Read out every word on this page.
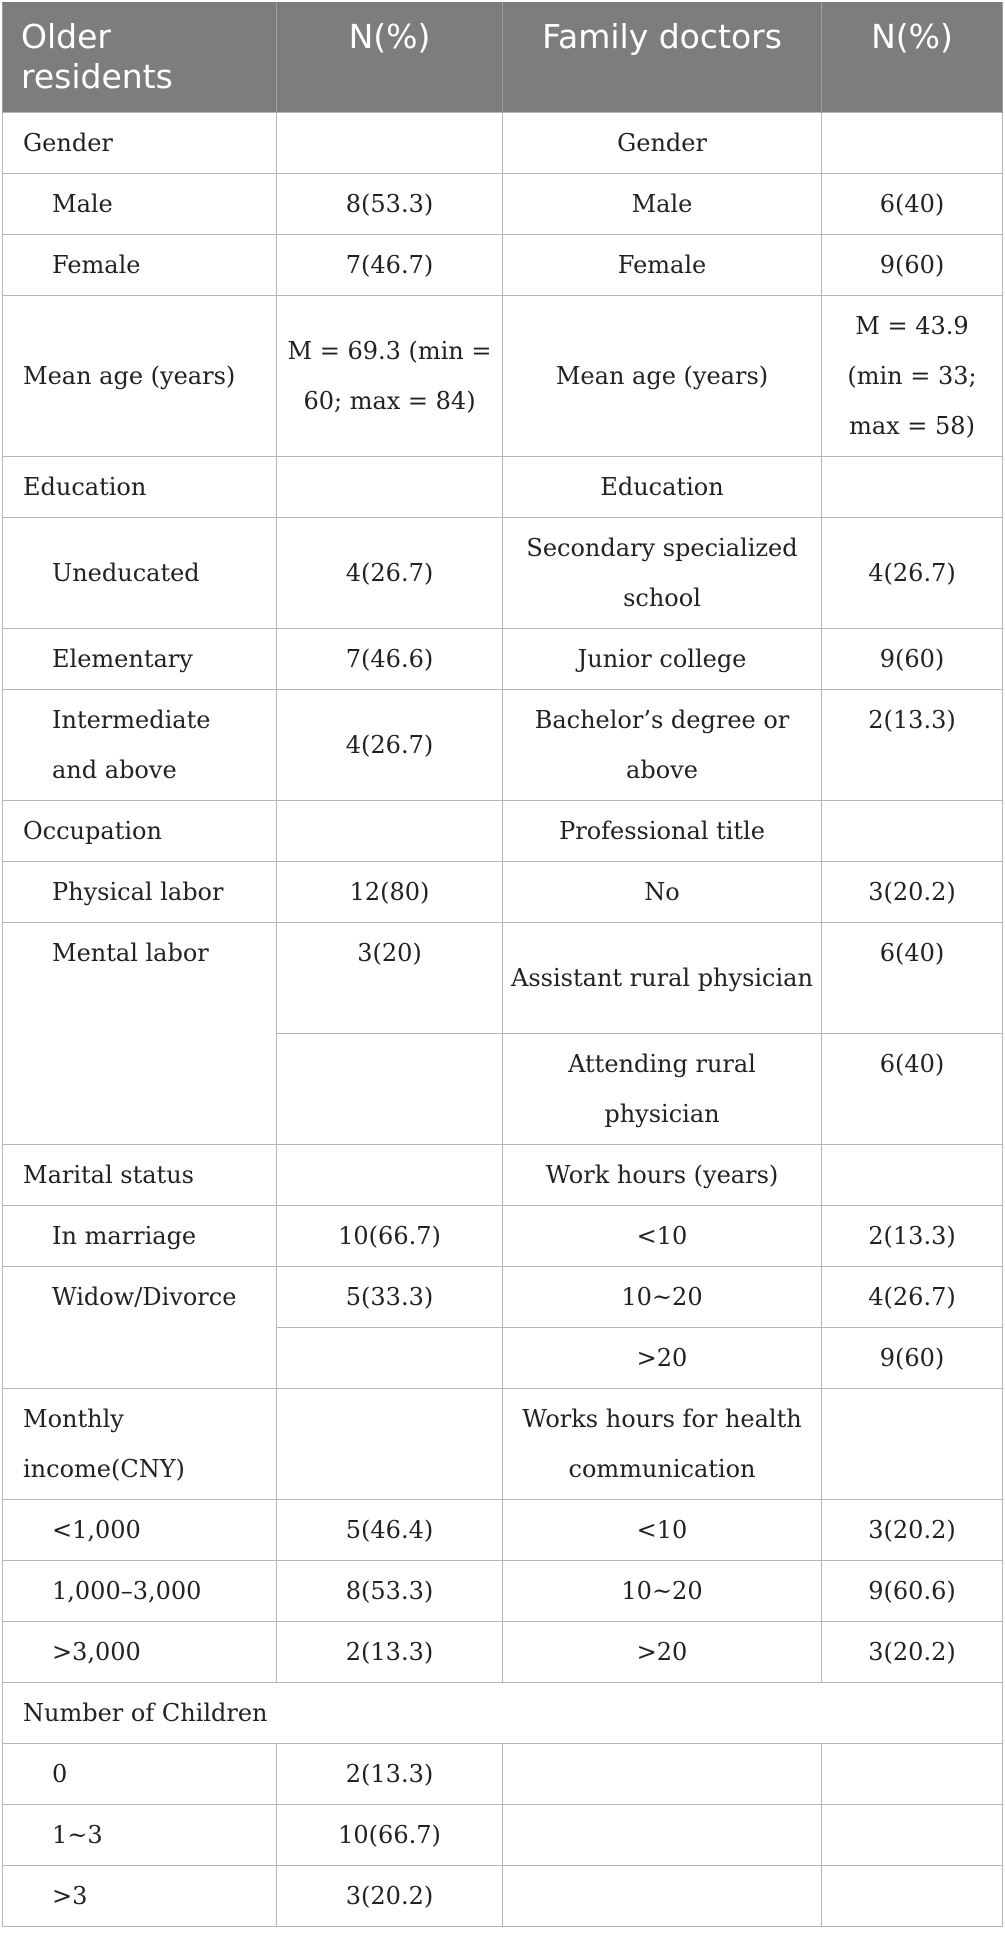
Older residents	N(%)	Family doctors	N(%)
Gender		Gender	
Male	8(53.3)	Male	6(40)
Female	7(46.7)	Female	9(60)
Mean age (years)	M = 69.3 (min = 60; max = 84)	Mean age (years)	M = 43.9 (min = 33; max = 58)
Education		Education	
Uneducated	4(26.7)	Secondary specialized school	4(26.7)
Elementary	7(46.6)	Junior college	9(60)
Intermediate and above	4(26.7)	Bachelor’s degree or above	2(13.3)
Occupation		Professional title	
Physical labor	12(80)	No	3(20.2)
Mental labor	3(20)	Assistant rural physician	6(40)
		Attending rural physician	6(40)
Marital status		Work hours (years)	
In marriage	10(66.7)	<10	2(13.3)
Widow/Divorce	5(33.3)	10~20	4(26.7)
		>20	9(60)
Monthly income(CNY)		Works hours for health communication	
<1,000	5(46.4)	<10	3(20.2)
1,000–3,000	8(53.3)	10~20	9(60.6)
>3,000	2(13.3)	>20	3(20.2)
Number of Children			
0	2(13.3)		
1~3	10(66.7)		
>3	3(20.2)		
